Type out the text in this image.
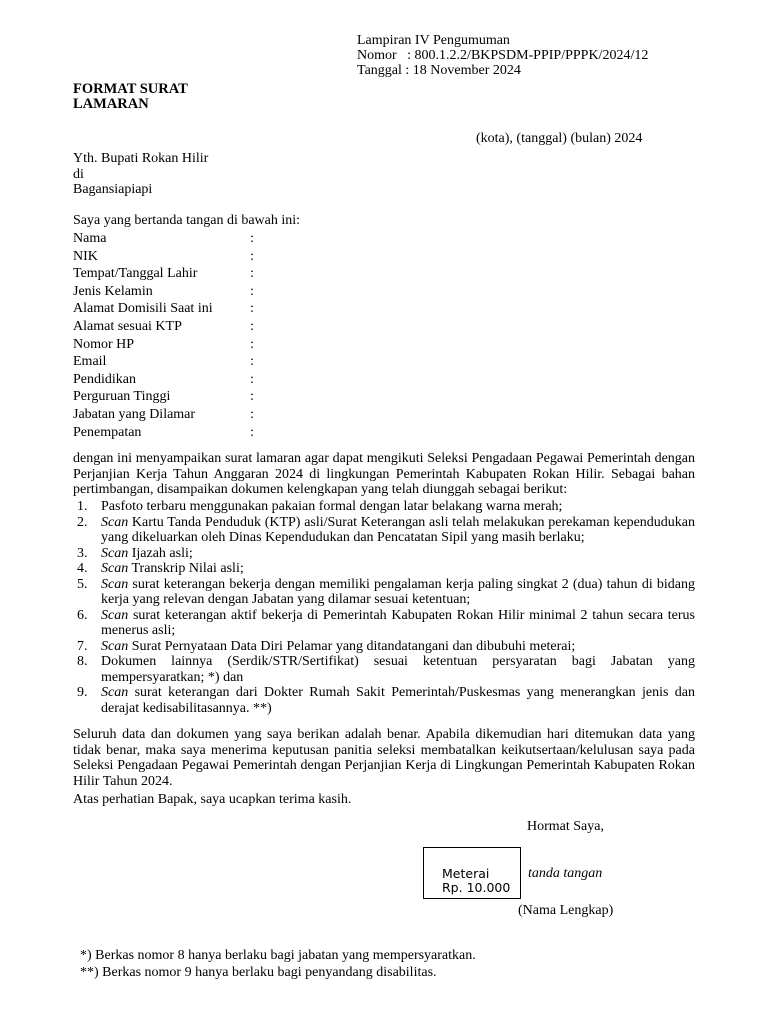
Lampiran IV Pengumuman
Nomor   : 800.1.2.2/BKPSDM-PPIP/PPPK/2024/12
Tanggal : 18 November 2024
FORMAT SURAT
LAMARAN
(kota), (tanggal) (bulan) 2024
Yth. Bupati Rokan Hilir
di
Bagansiapiapi
Saya yang bertanda tangan di bawah ini:
Nama	:
NIK	:
Tempat/Tanggal Lahir	:
Jenis Kelamin	:
Alamat Domisili Saat ini	:
Alamat sesuai KTP	:
Nomor HP	:
Email	:
Pendidikan	:
Perguruan Tinggi	:
Jabatan yang Dilamar	:
Penempatan	:
dengan ini menyampaikan surat lamaran agar dapat mengikuti Seleksi Pengadaan Pegawai Pemerintah dengan Perjanjian Kerja Tahun Anggaran 2024 di lingkungan Pemerintah Kabupaten Rokan Hilir. Sebagai bahan pertimbangan, disampaikan dokumen kelengkapan yang telah diunggah sebagai berikut:
1. Pasfoto terbaru menggunakan pakaian formal dengan latar belakang warna merah;
2. Scan Kartu Tanda Penduduk (KTP) asli/Surat Keterangan asli telah melakukan perekaman kependudukan yang dikeluarkan oleh Dinas Kependudukan dan Pencatatan Sipil yang masih berlaku;
3. Scan Ijazah asli;
4. Scan Transkrip Nilai asli;
5. Scan surat keterangan bekerja dengan memiliki pengalaman kerja paling singkat 2 (dua) tahun di bidang kerja yang relevan dengan Jabatan yang dilamar sesuai ketentuan;
6. Scan surat keterangan aktif bekerja di Pemerintah Kabupaten Rokan Hilir minimal 2 tahun secara terus menerus asli;
7. Scan Surat Pernyataan Data Diri Pelamar yang ditandatangani dan dibubuhi meterai;
8. Dokumen lainnya (Serdik/STR/Sertifikat) sesuai ketentuan persyaratan bagi Jabatan yang mempersyaratkan; *) dan
9. Scan surat keterangan dari Dokter Rumah Sakit Pemerintah/Puskesmas yang menerangkan jenis dan derajat kedisabilitasannya. **)
Seluruh data dan dokumen yang saya berikan adalah benar. Apabila dikemudian hari ditemukan data yang tidak benar, maka saya menerima keputusan panitia seleksi membatalkan keikutsertaan/kelulusan saya pada Seleksi Pengadaan Pegawai Pemerintah dengan Perjanjian Kerja di Lingkungan Pemerintah Kabupaten Rokan Hilir Tahun 2024.
Atas perhatian Bapak, saya ucapkan terima kasih.
Hormat Saya,
Meterai
Rp. 10.000
tanda tangan
(Nama Lengkap)
*) Berkas nomor 8 hanya berlaku bagi jabatan yang mempersyaratkan.
**) Berkas nomor 9 hanya berlaku bagi penyandang disabilitas.
